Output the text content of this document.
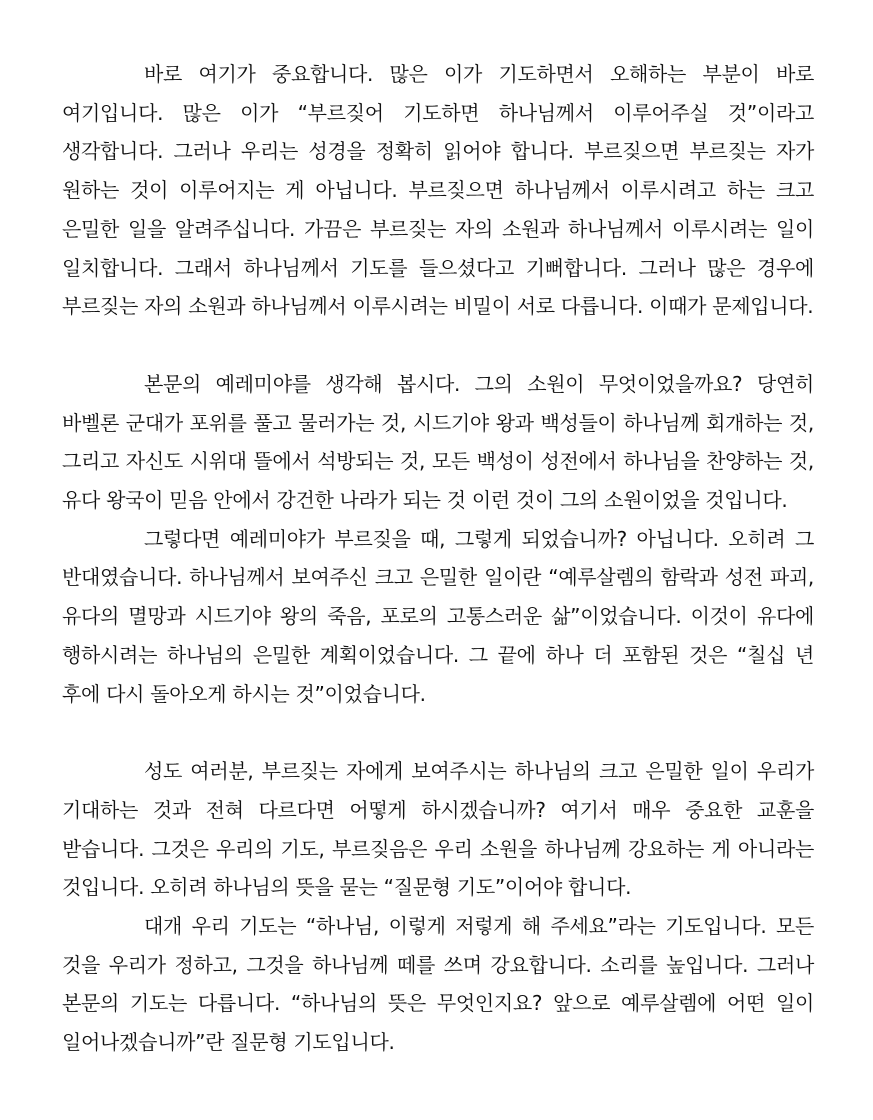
바로 여기가 중요합니다. 많은 이가 기도하면서 오해하는 부분이 바로 여기입니다. 많은 이가 “부르짖어 기도하면 하나님께서 이루어주실 것”이라고 생각합니다. 그러나 우리는 성경을 정확히 읽어야 합니다. 부르짖으면 부르짖는 자가 원하는 것이 이루어지는 게 아닙니다. 부르짖으면 하나님께서 이루시려고 하는 크고 은밀한 일을 알려주십니다. 가끔은 부르짖는 자의 소원과 하나님께서 이루시려는 일이 일치합니다. 그래서 하나님께서 기도를 들으셨다고 기뻐합니다. 그러나 많은 경우에 부르짖는 자의 소원과 하나님께서 이루시려는 비밀이 서로 다릅니다. 이때가 문제입니다.

본문의 예레미야를 생각해 봅시다. 그의 소원이 무엇이었을까요? 당연히 바벨론 군대가 포위를 풀고 물러가는 것, 시드기야 왕과 백성들이 하나님께 회개하는 것, 그리고 자신도 시위대 뜰에서 석방되는 것, 모든 백성이 성전에서 하나님을 찬양하는 것, 유다 왕국이 믿음 안에서 강건한 나라가 되는 것 이런 것이 그의 소원이었을 것입니다.

그렇다면 예레미야가 부르짖을 때, 그렇게 되었습니까? 아닙니다. 오히려 그 반대였습니다. 하나님께서 보여주신 크고 은밀한 일이란 “예루살렘의 함락과 성전 파괴, 유다의 멸망과 시드기야 왕의 죽음, 포로의 고통스러운 삶”이었습니다. 이것이 유다에 행하시려는 하나님의 은밀한 계획이었습니다. 그 끝에 하나 더 포함된 것은 “칠십 년 후에 다시 돌아오게 하시는 것”이었습니다.

성도 여러분, 부르짖는 자에게 보여주시는 하나님의 크고 은밀한 일이 우리가 기대하는 것과 전혀 다르다면 어떻게 하시겠습니까? 여기서 매우 중요한 교훈을 받습니다. 그것은 우리의 기도, 부르짖음은 우리 소원을 하나님께 강요하는 게 아니라는 것입니다. 오히려 하나님의 뜻을 묻는 “질문형 기도”이어야 합니다.

대개 우리 기도는 “하나님, 이렇게 저렇게 해 주세요”라는 기도입니다. 모든 것을 우리가 정하고, 그것을 하나님께 떼를 쓰며 강요합니다. 소리를 높입니다. 그러나 본문의 기도는 다릅니다. “하나님의 뜻은 무엇인지요? 앞으로 예루살렘에 어떤 일이 일어나겠습니까”란 질문형 기도입니다.
